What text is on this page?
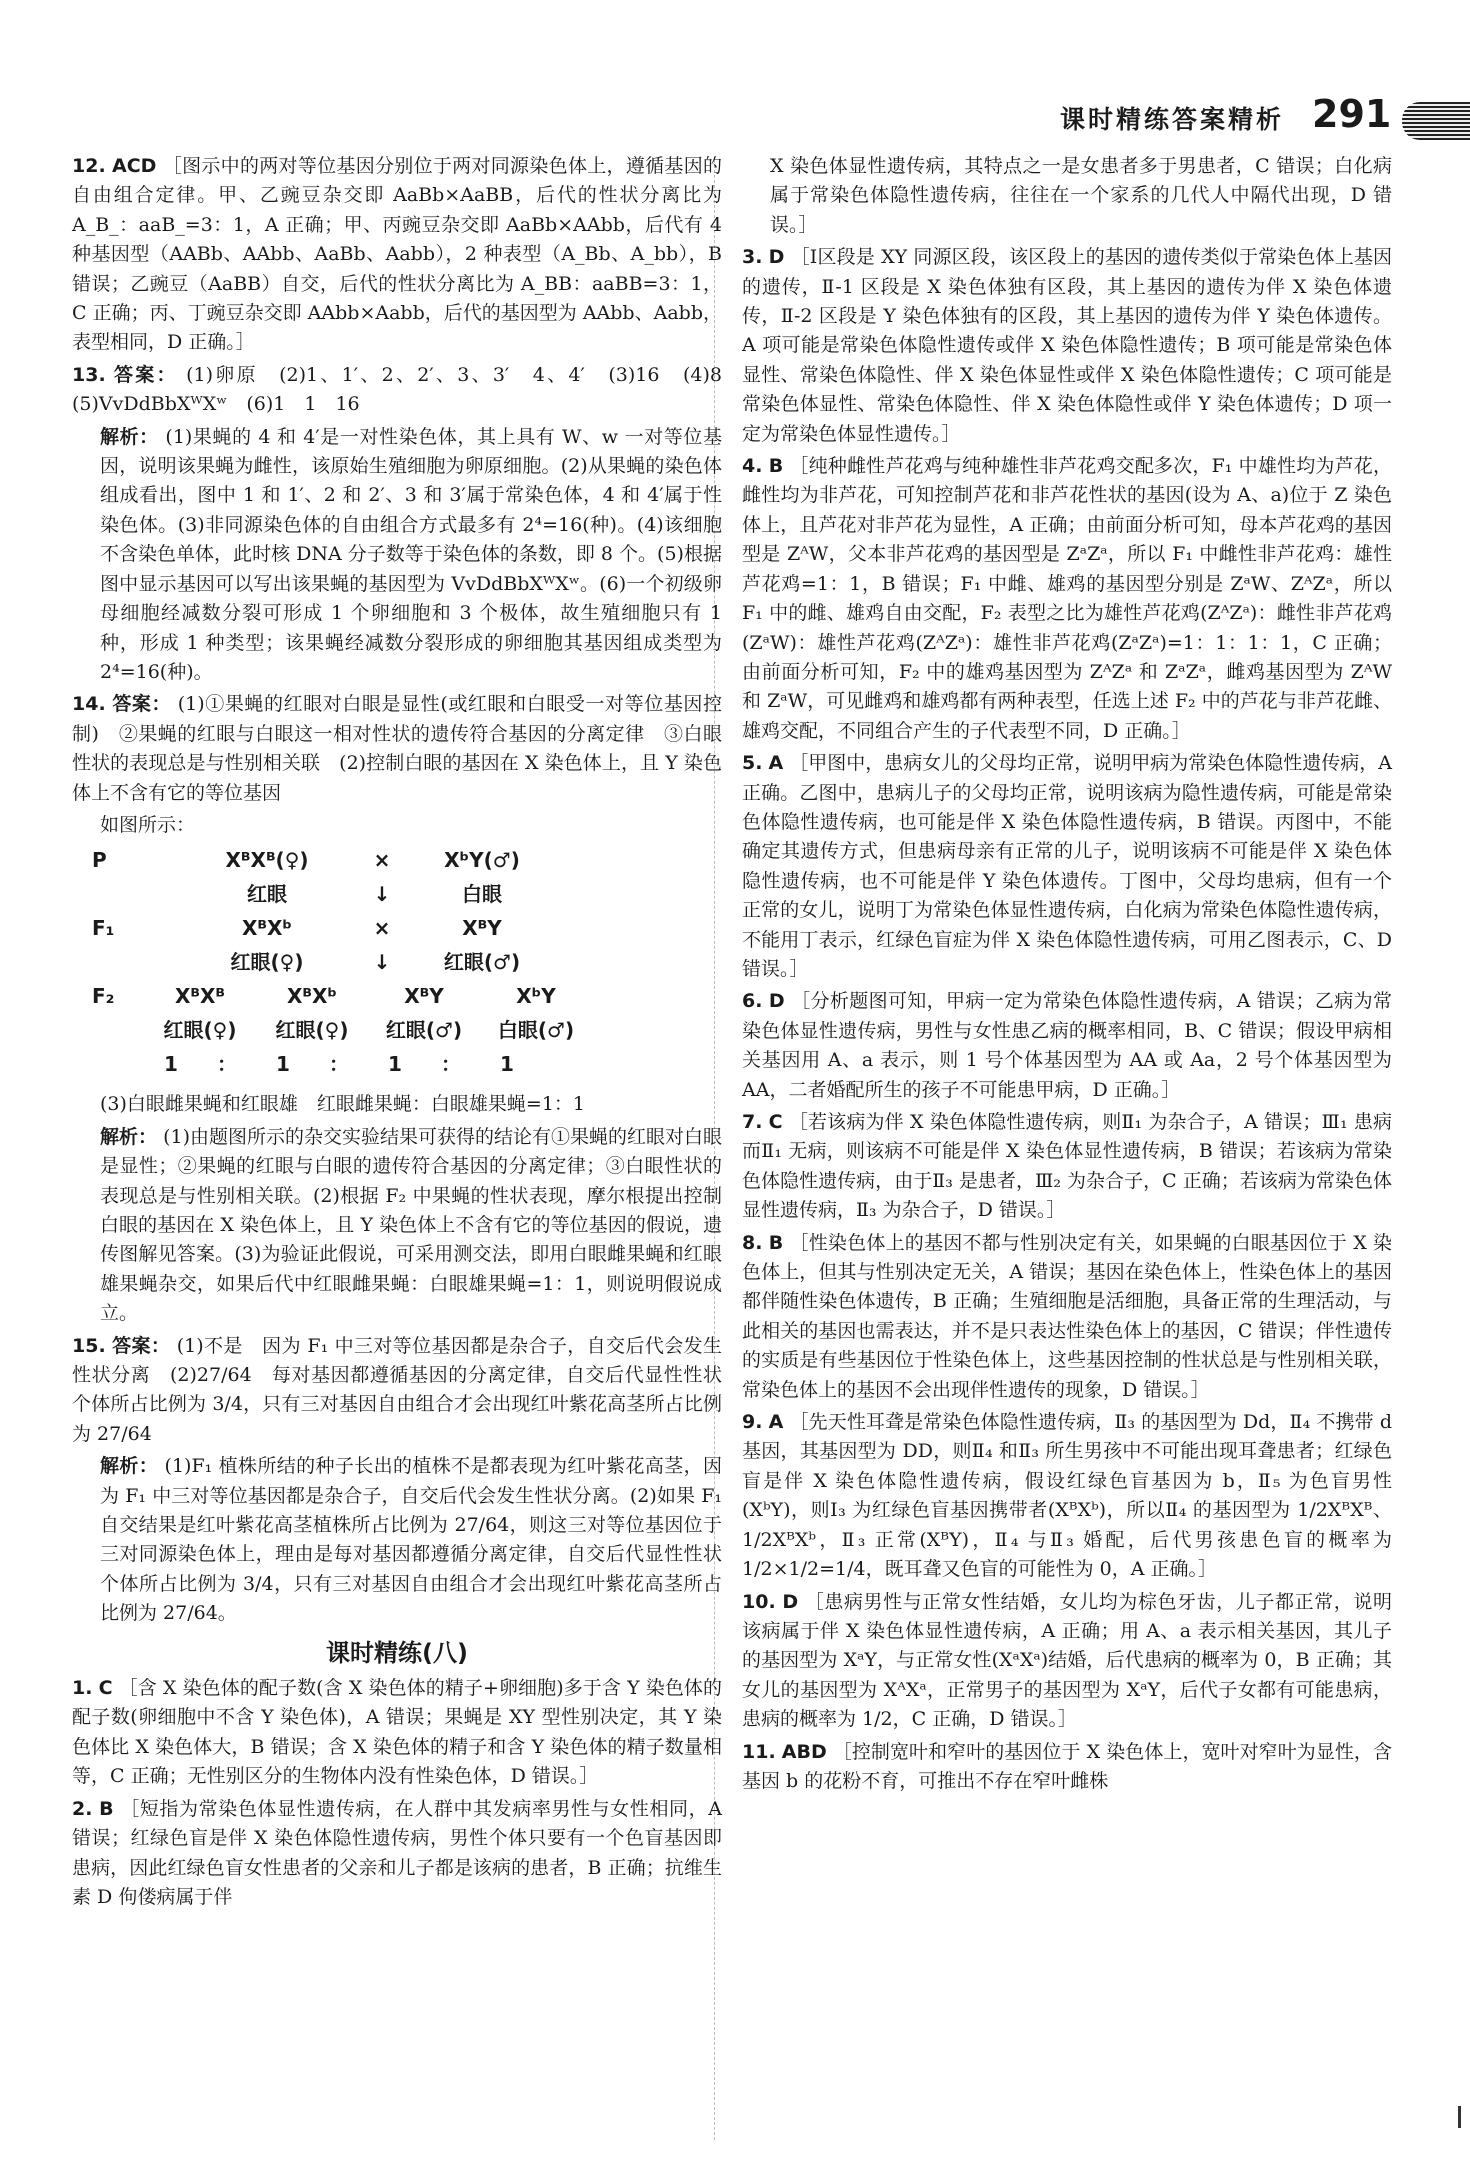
课时精练答案精析 291
12. ACD ［图示中的两对等位基因分别位于两对同源染色体上，遵循基因的自由组合定律。甲、乙豌豆杂交即 AaBb×AaBB，后代的性状分离比为 A_B_：aaB_=3：1，A 正确；甲、丙豌豆杂交即 AaBb×AAbb，后代有 4 种基因型（AABb、AAbb、AaBb、Aabb），2 种表型（A_Bb、A_bb），B 错误；乙豌豆（AaBB）自交，后代的性状分离比为 A_BB：aaBB=3：1，C 正确；丙、丁豌豆杂交即 AAbb×Aabb，后代的基因型为 AAbb、Aabb，表型相同，D 正确。］
13. 答案： (1)卵原　(2)1、1′、2、2′、3、3′　4、4′　(3)16　(4)8　(5)VvDdBbXᵂXʷ　(6)1　1　16
解析： (1)果蝇的 4 和 4′是一对性染色体，其上具有 W、w 一对等位基因，说明该果蝇为雌性，该原始生殖细胞为卵原细胞。(2)从果蝇的染色体组成看出，图中 1 和 1′、2 和 2′、3 和 3′属于常染色体，4 和 4′属于性染色体。(3)非同源染色体的自由组合方式最多有 2⁴=16(种)。(4)该细胞不含染色单体，此时核 DNA 分子数等于染色体的条数，即 8 个。(5)根据图中显示基因可以写出该果蝇的基因型为 VvDdBbXᵂXʷ。(6)一个初级卵母细胞经减数分裂可形成 1 个卵细胞和 3 个极体，故生殖细胞只有 1 种，形成 1 种类型；该果蝇经减数分裂形成的卵细胞其基因组成类型为 2⁴=16(种)。
14. 答案： (1)①果蝇的红眼对白眼是显性(或红眼和白眼受一对等位基因控制)　②果蝇的红眼与白眼这一相对性状的遗传符合基因的分离定律　③白眼性状的表现总是与性别相关联　(2)控制白眼的基因在 X 染色体上，且 Y 染色体上不含有它的等位基因
如图所示：
P	XᴮXᴮ(♀)	×	XᵇY(♂)
红眼	↓	白眼
F₁	XᴮXᵇ	×	XᴮY
红眼(♀)	↓	红眼(♂)
F₂	XᴮXᴮ	XᴮXᵇ	XᴮY	XᵇY
红眼(♀)	红眼(♀)	红眼(♂)	白眼(♂)
1	：	1	：	1	：	1
(3)白眼雌果蝇和红眼雄　红眼雌果蝇：白眼雄果蝇=1：1
解析： (1)由题图所示的杂交实验结果可获得的结论有①果蝇的红眼对白眼是显性；②果蝇的红眼与白眼的遗传符合基因的分离定律；③白眼性状的表现总是与性别相关联。(2)根据 F₂ 中果蝇的性状表现，摩尔根提出控制白眼的基因在 X 染色体上，且 Y 染色体上不含有它的等位基因的假说，遗传图解见答案。(3)为验证此假说，可采用测交法，即用白眼雌果蝇和红眼雄果蝇杂交，如果后代中红眼雌果蝇：白眼雄果蝇=1：1，则说明假说成立。
15. 答案： (1)不是　因为 F₁ 中三对等位基因都是杂合子，自交后代会发生性状分离　(2)27/64　每对基因都遵循基因的分离定律，自交后代显性性状个体所占比例为 3/4，只有三对基因自由组合才会出现红叶紫花高茎所占比例为 27/64
解析： (1)F₁ 植株所结的种子长出的植株不是都表现为红叶紫花高茎，因为 F₁ 中三对等位基因都是杂合子，自交后代会发生性状分离。(2)如果 F₁ 自交结果是红叶紫花高茎植株所占比例为 27/64，则这三对等位基因位于三对同源染色体上，理由是每对基因都遵循分离定律，自交后代显性性状个体所占比例为 3/4，只有三对基因自由组合才会出现红叶紫花高茎所占比例为 27/64。
课时精练(八)
1. C ［含 X 染色体的配子数(含 X 染色体的精子+卵细胞)多于含 Y 染色体的配子数(卵细胞中不含 Y 染色体)，A 错误；果蝇是 XY 型性别决定，其 Y 染色体比 X 染色体大，B 错误；含 X 染色体的精子和含 Y 染色体的精子数量相等，C 正确；无性别区分的生物体内没有性染色体，D 错误。］
2. B ［短指为常染色体显性遗传病，在人群中其发病率男性与女性相同，A 错误；红绿色盲是伴 X 染色体隐性遗传病，男性个体只要有一个色盲基因即患病，因此红绿色盲女性患者的父亲和儿子都是该病的患者，B 正确；抗维生素 D 佝偻病属于伴
X 染色体显性遗传病，其特点之一是女患者多于男患者，C 错误；白化病属于常染色体隐性遗传病，往往在一个家系的几代人中隔代出现，D 错误。］
3. D ［Ⅰ区段是 XY 同源区段，该区段上的基因的遗传类似于常染色体上基因的遗传，Ⅱ-1 区段是 X 染色体独有区段，其上基因的遗传为伴 X 染色体遗传，Ⅱ-2 区段是 Y 染色体独有的区段，其上基因的遗传为伴 Y 染色体遗传。A 项可能是常染色体隐性遗传或伴 X 染色体隐性遗传；B 项可能是常染色体显性、常染色体隐性、伴 X 染色体显性或伴 X 染色体隐性遗传；C 项可能是常染色体显性、常染色体隐性、伴 X 染色体隐性或伴 Y 染色体遗传；D 项一定为常染色体显性遗传。］
4. B ［纯种雌性芦花鸡与纯种雄性非芦花鸡交配多次，F₁ 中雄性均为芦花，雌性均为非芦花，可知控制芦花和非芦花性状的基因(设为 A、a)位于 Z 染色体上，且芦花对非芦花为显性，A 正确；由前面分析可知，母本芦花鸡的基因型是 ZᴬW，父本非芦花鸡的基因型是 ZᵃZᵃ，所以 F₁ 中雌性非芦花鸡：雄性芦花鸡=1：1，B 错误；F₁ 中雌、雄鸡的基因型分别是 ZᵃW、ZᴬZᵃ，所以 F₁ 中的雌、雄鸡自由交配，F₂ 表型之比为雄性芦花鸡(ZᴬZᵃ)：雌性非芦花鸡(ZᵃW)：雄性芦花鸡(ZᴬZᵃ)：雄性非芦花鸡(ZᵃZᵃ)=1：1：1：1，C 正确；由前面分析可知，F₂ 中的雄鸡基因型为 ZᴬZᵃ 和 ZᵃZᵃ，雌鸡基因型为 ZᴬW 和 ZᵃW，可见雌鸡和雄鸡都有两种表型，任选上述 F₂ 中的芦花与非芦花雌、雄鸡交配，不同组合产生的子代表型不同，D 正确。］
5. A ［甲图中，患病女儿的父母均正常，说明甲病为常染色体隐性遗传病，A 正确。乙图中，患病儿子的父母均正常，说明该病为隐性遗传病，可能是常染色体隐性遗传病，也可能是伴 X 染色体隐性遗传病，B 错误。丙图中，不能确定其遗传方式，但患病母亲有正常的儿子，说明该病不可能是伴 X 染色体隐性遗传病，也不可能是伴 Y 染色体遗传。丁图中，父母均患病，但有一个正常的女儿，说明丁为常染色体显性遗传病，白化病为常染色体隐性遗传病，不能用丁表示，红绿色盲症为伴 X 染色体隐性遗传病，可用乙图表示，C、D 错误。］
6. D ［分析题图可知，甲病一定为常染色体隐性遗传病，A 错误；乙病为常染色体显性遗传病，男性与女性患乙病的概率相同，B、C 错误；假设甲病相关基因用 A、a 表示，则 1 号个体基因型为 AA 或 Aa，2 号个体基因型为 AA，二者婚配所生的孩子不可能患甲病，D 正确。］
7. C ［若该病为伴 X 染色体隐性遗传病，则Ⅱ₁ 为杂合子，A 错误；Ⅲ₁ 患病而Ⅱ₁ 无病，则该病不可能是伴 X 染色体显性遗传病，B 错误；若该病为常染色体隐性遗传病，由于Ⅱ₃ 是患者，Ⅲ₂ 为杂合子，C 正确；若该病为常染色体显性遗传病，Ⅱ₃ 为杂合子，D 错误。］
8. B ［性染色体上的基因不都与性别决定有关，如果蝇的白眼基因位于 X 染色体上，但其与性别决定无关，A 错误；基因在染色体上，性染色体上的基因都伴随性染色体遗传，B 正确；生殖细胞是活细胞，具备正常的生理活动，与此相关的基因也需表达，并不是只表达性染色体上的基因，C 错误；伴性遗传的实质是有些基因位于性染色体上，这些基因控制的性状总是与性别相关联，常染色体上的基因不会出现伴性遗传的现象，D 错误。］
9. A ［先天性耳聋是常染色体隐性遗传病，Ⅱ₃ 的基因型为 Dd，Ⅱ₄ 不携带 d 基因，其基因型为 DD，则Ⅱ₄ 和Ⅱ₃ 所生男孩中不可能出现耳聋患者；红绿色盲是伴 X 染色体隐性遗传病，假设红绿色盲基因为 b，Ⅱ₅ 为色盲男性(XᵇY)，则Ⅰ₃ 为红绿色盲基因携带者(XᴮXᵇ)，所以Ⅱ₄ 的基因型为 1/2XᴮXᴮ、1/2XᴮXᵇ，Ⅱ₃ 正常(XᴮY)，Ⅱ₄ 与Ⅱ₃ 婚配，后代男孩患色盲的概率为 1/2×1/2=1/4，既耳聋又色盲的可能性为 0，A 正确。］
10. D ［患病男性与正常女性结婚，女儿均为棕色牙齿，儿子都正常，说明该病属于伴 X 染色体显性遗传病，A 正确；用 A、a 表示相关基因，其儿子的基因型为 XᵃY，与正常女性(XᵃXᵃ)结婚，后代患病的概率为 0，B 正确；其女儿的基因型为 XᴬXᵃ，正常男子的基因型为 XᵃY，后代子女都有可能患病，患病的概率为 1/2，C 正确，D 错误。］
11. ABD ［控制宽叶和窄叶的基因位于 X 染色体上，宽叶对窄叶为显性，含基因 b 的花粉不育，可推出不存在窄叶雌株
